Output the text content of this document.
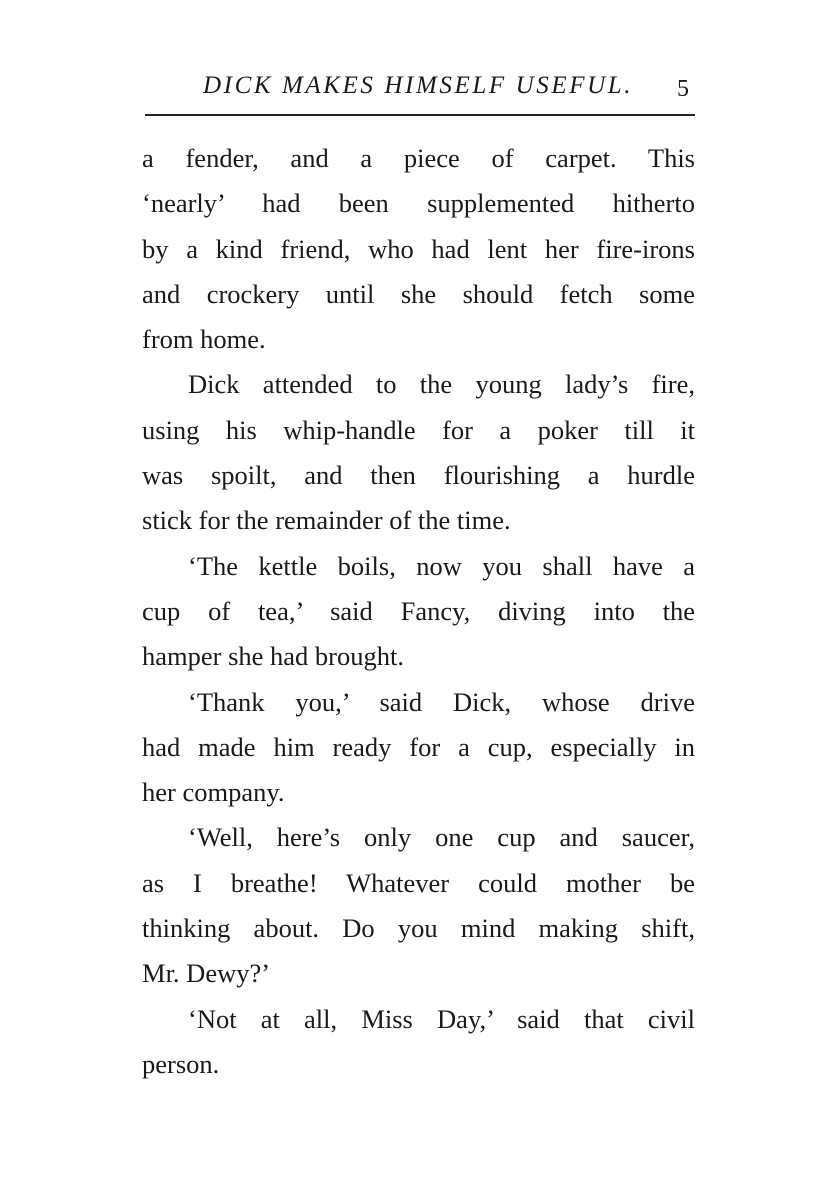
DICK MAKES HIMSELF USEFUL. 5

a fender, and a piece of carpet. This
‘nearly’ had been supplemented hitherto
by a kind friend, who had lent her fire-irons
and crockery until she should fetch some
from home.

Dick attended to the young lady’s fire,
using his whip-handle for a poker till it
was spoilt, and then flourishing a hurdle
stick for the remainder of the time.

‘The kettle boils, now you shall have a
cup of tea,’ said Fancy, diving into the
hamper she had brought.

‘Thank you,’ said Dick, whose drive
had made him ready for a cup, especially in
her company.

‘Well, here’s only one cup and saucer,
as I breathe! Whatever could mother be
thinking about. Do you mind making shift,
Mr. Dewy?’

‘Not at all, Miss Day,’ said that civil
person.
